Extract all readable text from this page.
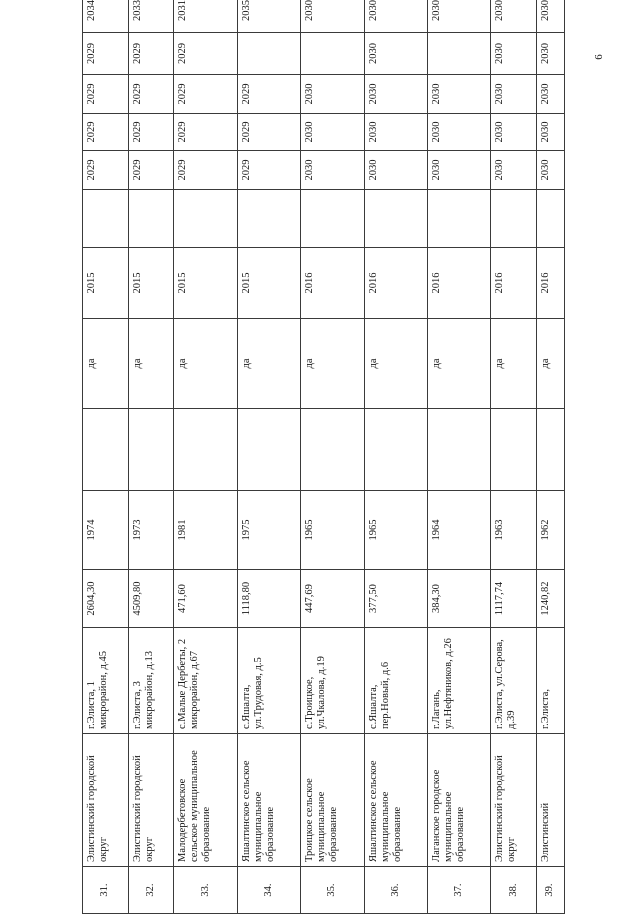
6
31.	Элистинский городской округ	г.Элиста, 1 микрорайон, д.45	2604,30	1974		да	2015		2029	2029	2029	2029	2034
32.	Элистинский городской округ	г.Элиста, 3 микрорайон, д.13	4509,80	1973		да	2015		2029	2029	2029	2029	2033
33.	Малодербетовское сельское муниципальное образование	с.Малые Дербеты, 2 микрорайон, д.67	471,60	1981		да	2015		2029	2029	2029	2029	2031
34.	Яшалтинское сельское муниципальное образование	с.Яшалта, ул.Трудовая, д.5	1118,80	1975		да	2015		2029	2029	2029		2035
35.	Троицкое сельское муниципальное образование	с.Троицкое, ул.Чкалова, д.19	447,69	1965		да	2016		2030	2030	2030		2030
36.	Яшалтинское сельское муниципальное образование	с.Яшалта, пер.Новый, д.6	377,50	1965		да	2016		2030	2030	2030	2030	2030
37.	Лаганское городское муниципальное образование	г.Лагань, ул.Нефтяников, д.26	384,30	1964		да	2016		2030	2030	2030		2030
38.	Элистинский городской округ	г.Элиста, ул.Серова, д.39	1117,74	1963		да	2016		2030	2030	2030	2030	2030
39.	Элистинский	г.Элиста,	1240,82	1962		да	2016		2030	2030	2030	2030	2030
